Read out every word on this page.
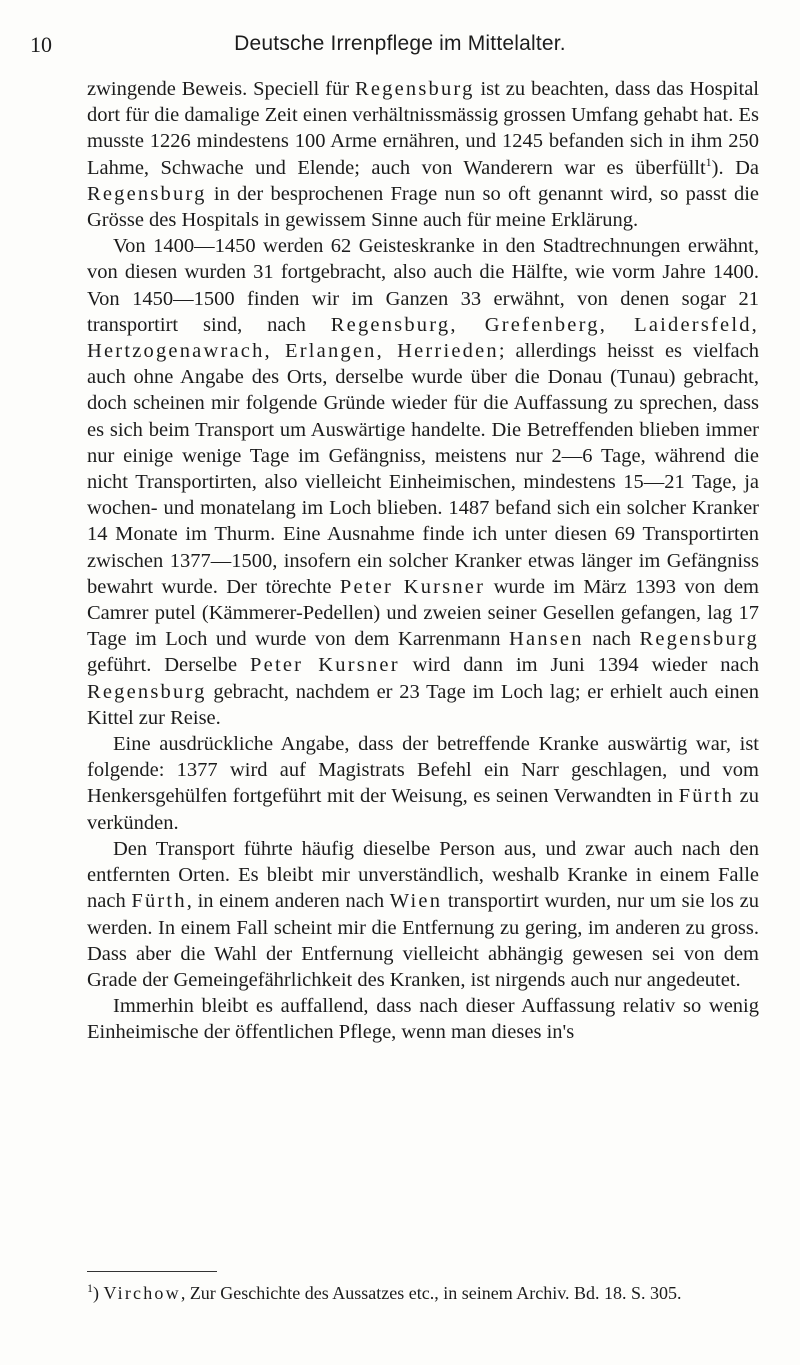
10	Deutsche Irrenpflege im Mittelalter.

zwingende Beweis. Speciell für Regensburg ist zu beachten, dass das Hospital dort für die damalige Zeit einen verhältnissmässig grossen Umfang gehabt hat. Es musste 1226 mindestens 100 Arme ernähren, und 1245 befanden sich in ihm 250 Lahme, Schwache und Elende; auch von Wanderern war es überfüllt$^1$). Da Regensburg in der besprochenen Frage nun so oft genannt wird, so passt die Grösse des Hospitals in gewissem Sinne auch für meine Erklärung.

Von 1400—1450 werden 62 Geisteskranke in den Stadtrechnungen erwähnt, von diesen wurden 31 fortgebracht, also auch die Hälfte, wie vorm Jahre 1400. Von 1450—1500 finden wir im Ganzen 33 erwähnt, von denen sogar 21 transportirt sind, nach Regensburg, Grefenberg, Laidersfeld, Hertzogenawrach, Erlangen, Herrieden; allerdings heisst es vielfach auch ohne Angabe des Orts, derselbe wurde über die Donau (Tunau) gebracht, doch scheinen mir folgende Gründe wieder für die Auffassung zu sprechen, dass es sich beim Transport um Auswärtige handelte. Die Betreffenden blieben immer nur einige wenige Tage im Gefängniss, meistens nur 2—6 Tage, während die nicht Transportirten, also vielleicht Einheimischen, mindestens 15—21 Tage, ja wochen- und monatelang im Loch blieben. 1487 befand sich ein solcher Kranker 14 Monate im Thurm. Eine Ausnahme finde ich unter diesen 69 Transportirten zwischen 1377—1500, insofern ein solcher Kranker etwas länger im Gefängniss bewahrt wurde. Der törechte Peter Kursner wurde im März 1393 von dem Camrer putel (Kämmerer-Pedellen) und zweien seiner Gesellen gefangen, lag 17 Tage im Loch und wurde von dem Karrenmann Hansen nach Regensburg geführt. Derselbe Peter Kursner wird dann im Juni 1394 wieder nach Regensburg gebracht, nachdem er 23 Tage im Loch lag; er erhielt auch einen Kittel zur Reise.

Eine ausdrückliche Angabe, dass der betreffende Kranke auswärtig war, ist folgende: 1377 wird auf Magistrats Befehl ein Narr geschlagen, und vom Henkersgehülfen fortgeführt mit der Weisung, es seinen Verwandten in Fürth zu verkünden.

Den Transport führte häufig dieselbe Person aus, und zwar auch nach den entfernten Orten. Es bleibt mir unverständlich, weshalb Kranke in einem Falle nach Fürth, in einem anderen nach Wien transportirt wurden, nur um sie los zu werden. In einem Fall scheint mir die Entfernung zu gering, im anderen zu gross. Dass aber die Wahl der Entfernung vielleicht abhängig gewesen sei von dem Grade der Gemeingefährlichkeit des Kranken, ist nirgends auch nur angedeutet.

Immerhin bleibt es auffallend, dass nach dieser Auffassung relativ so wenig Einheimische der öffentlichen Pflege, wenn man dieses in's

$^1$) Virchow, Zur Geschichte des Aussatzes etc., in seinem Archiv. Bd. 18. S. 305.
